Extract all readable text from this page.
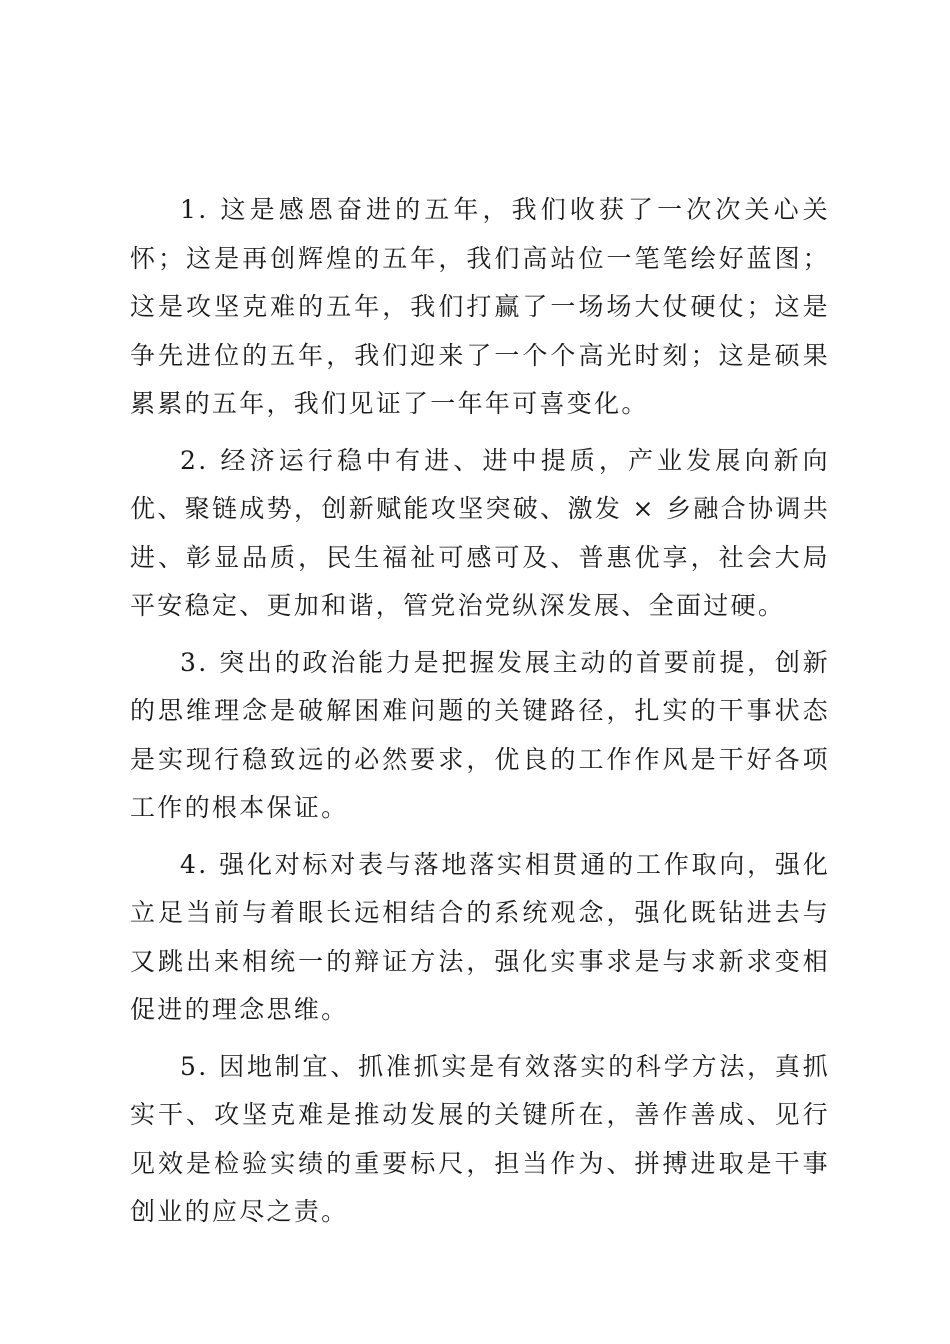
1. 这是感恩奋进的五年，我们收获了一次次关心关怀；这是再创辉煌的五年，我们高站位一笔笔绘好蓝图；这是攻坚克难的五年，我们打赢了一场场大仗硬仗；这是争先进位的五年，我们迎来了一个个高光时刻；这是硕果累累的五年，我们见证了一年年可喜变化。

2. 经济运行稳中有进、进中提质，产业发展向新向优、聚链成势，创新赋能攻坚突破、激发 × 乡融合协调共进、彰显品质，民生福祉可感可及、普惠优享，社会大局平安稳定、更加和谐，管党治党纵深发展、全面过硬。

3. 突出的政治能力是把握发展主动的首要前提，创新的思维理念是破解困难问题的关键路径，扎实的干事状态是实现行稳致远的必然要求，优良的工作作风是干好各项工作的根本保证。

4. 强化对标对表与落地落实相贯通的工作取向，强化立足当前与着眼长远相结合的系统观念，强化既钻进去与又跳出来相统一的辩证方法，强化实事求是与求新求变相促进的理念思维。

5. 因地制宜、抓准抓实是有效落实的科学方法，真抓实干、攻坚克难是推动发展的关键所在，善作善成、见行见效是检验实绩的重要标尺，担当作为、拼搏进取是干事创业的应尽之责。
